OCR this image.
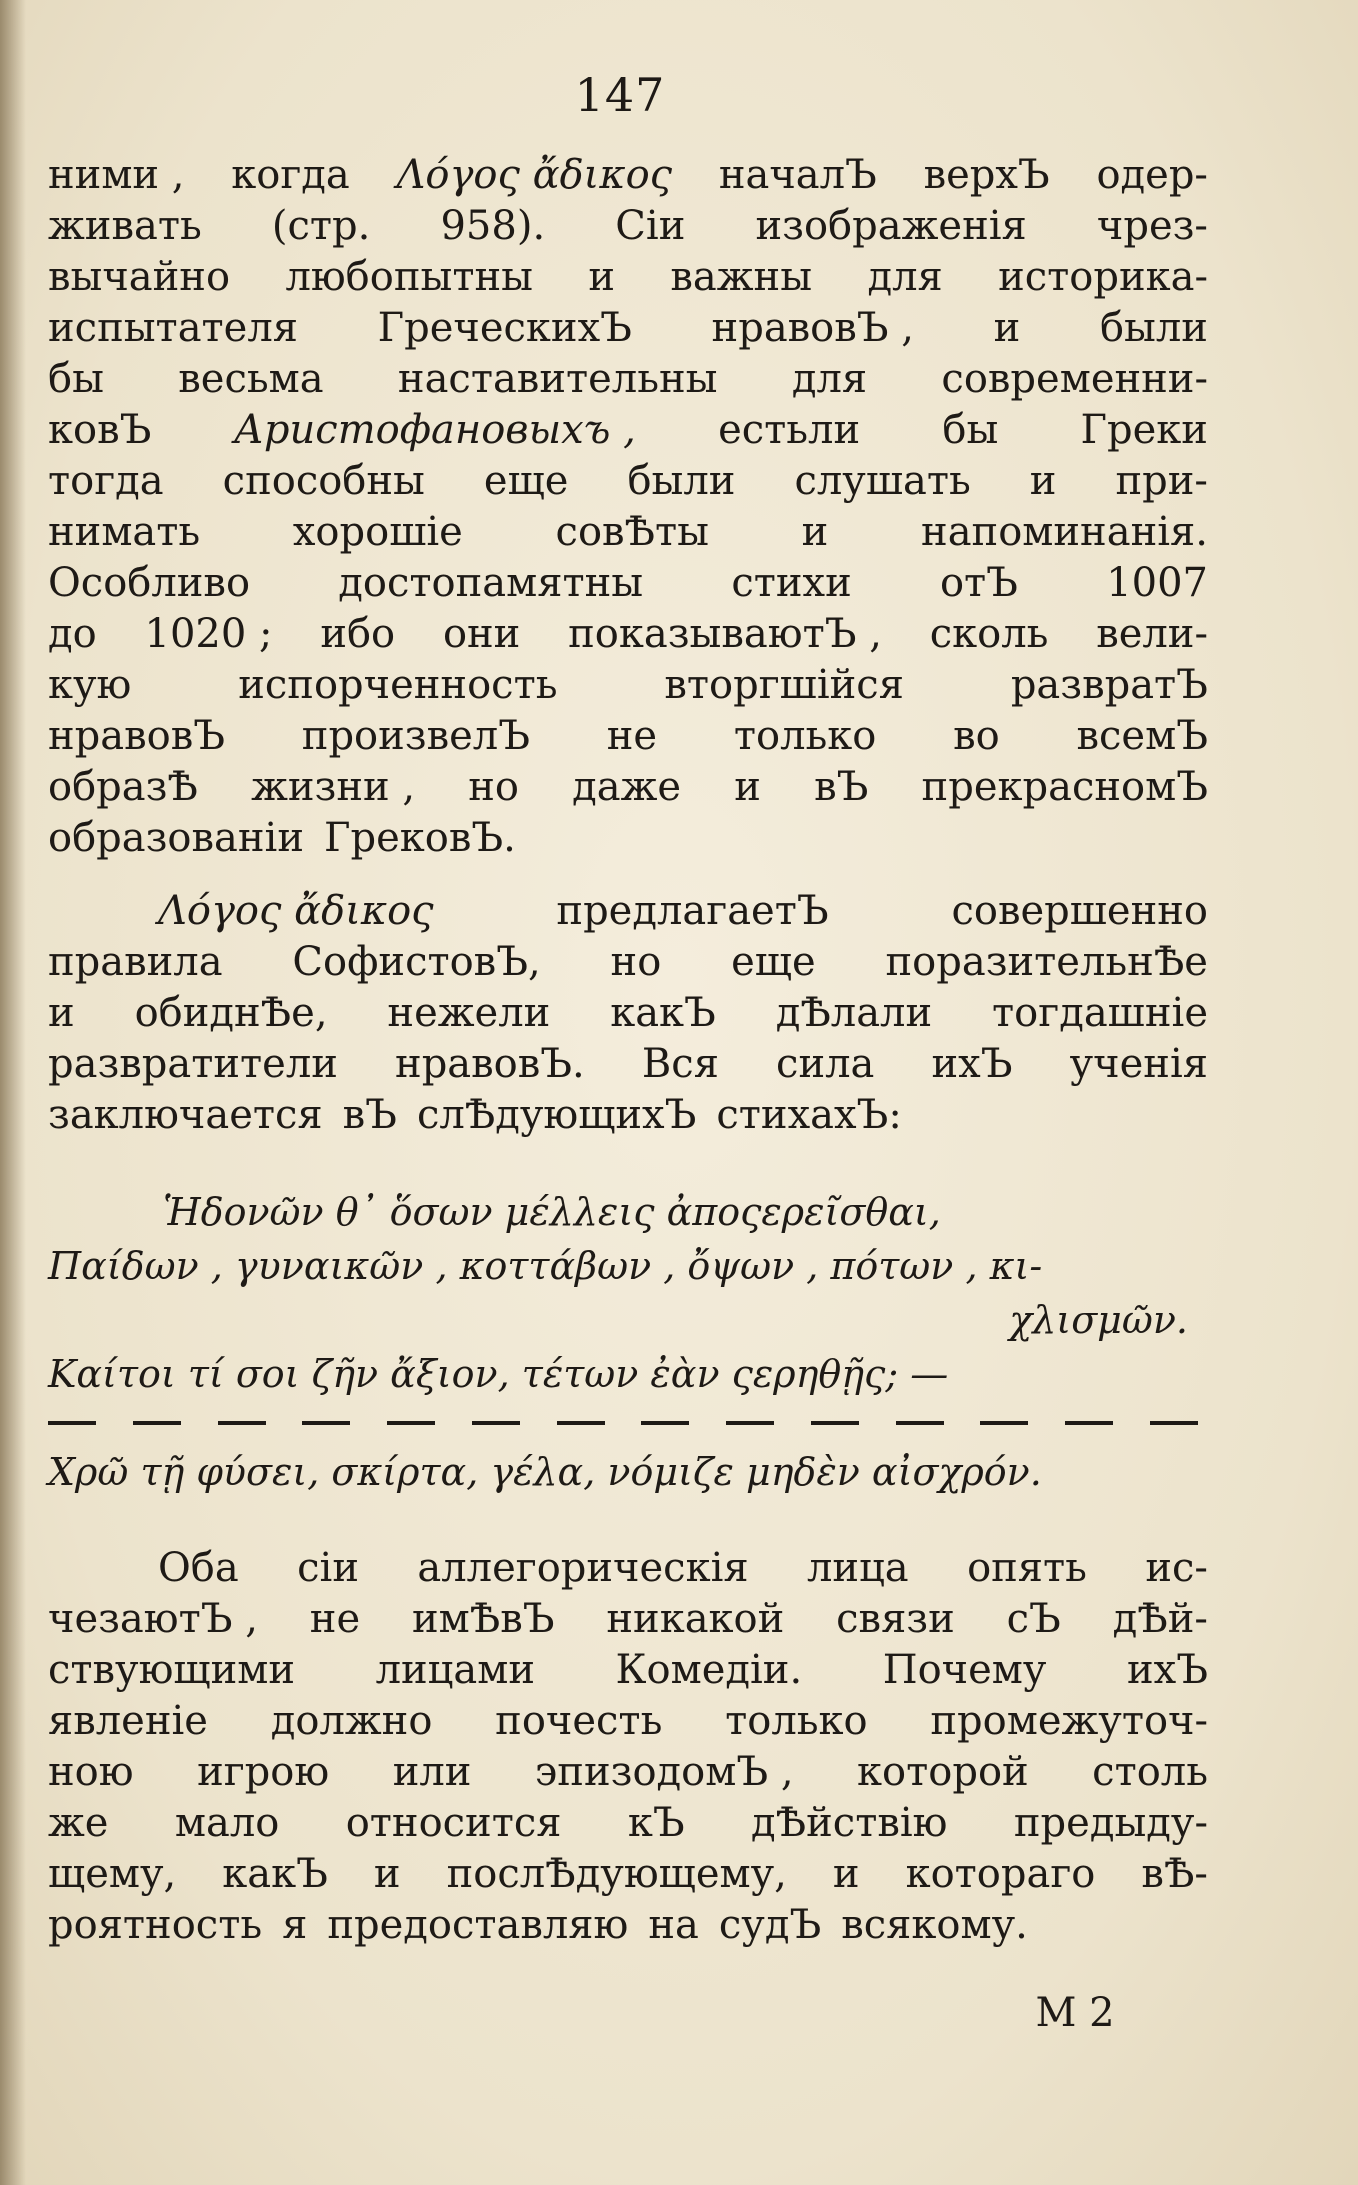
147
ними , когда Λόγος ἄδικος началЪ верхЪ одер-
живать (стр. 958). Сіи изображенія чрез-
вычайно любопытны и важны для историка-
испытателя ГреческихЪ нравовЪ , и были
бы весьма наставительны для современни-
ковЪ Аристофановыхъ , естьли бы Греки
тогда способны еще были слушать и при-
нимать хорошіе совѢты и напоминанія.
Особливо достопамятны стихи отЪ 1007
до 1020 ; ибо они показываютЪ , сколь вели-
кую	испорченность	вторгшійся	развратЪ
нравовЪ произвелЪ не только во всемЪ
образѢ жизни , но даже и вЪ прекрасномЪ
образованіи ГрековЪ.
Λόγος ἄδικος	предлагаетЪ	совершенно
правила СофистовЪ, но еще поразительнѢе
и обиднѢе, нежели какЪ дѢлали тогдашніе
развратители нравовЪ. Вся сила ихЪ ученія
заключается вЪ слѢдующихЪ стихахЪ:
Ἡδονῶν θ᾽ ὅσων μέλλεις ἀποςερεῖσθαι,
Παίδων , γυναικῶν , κοττάβων , ὄψων , πότων , κι-
χλισμῶν.
Καίτοι τί σοι ζῆν ἄξιον, τέτων ἐὰν ςερηθῇς; —
Χρῶ τῇ φύσει, σκίρτα, γέλα, νόμιζε μηδὲν αἰσχρόν.
Оба сіи аллегорическія лица опять ис-
чезаютЪ , не имѢвЪ никакой связи сЪ дѢй-
ствующими лицами Комедіи. Почему ихЪ
явленіе должно почесть только промежуточ-
ною игрою или эпизодомЪ , которой столь
же мало относится кЪ дѢйствію предыду-
щему, какЪ и послѢдующему, и котораго вѢ-
роятность я предоставляю на судЪ всякому.
M 2
